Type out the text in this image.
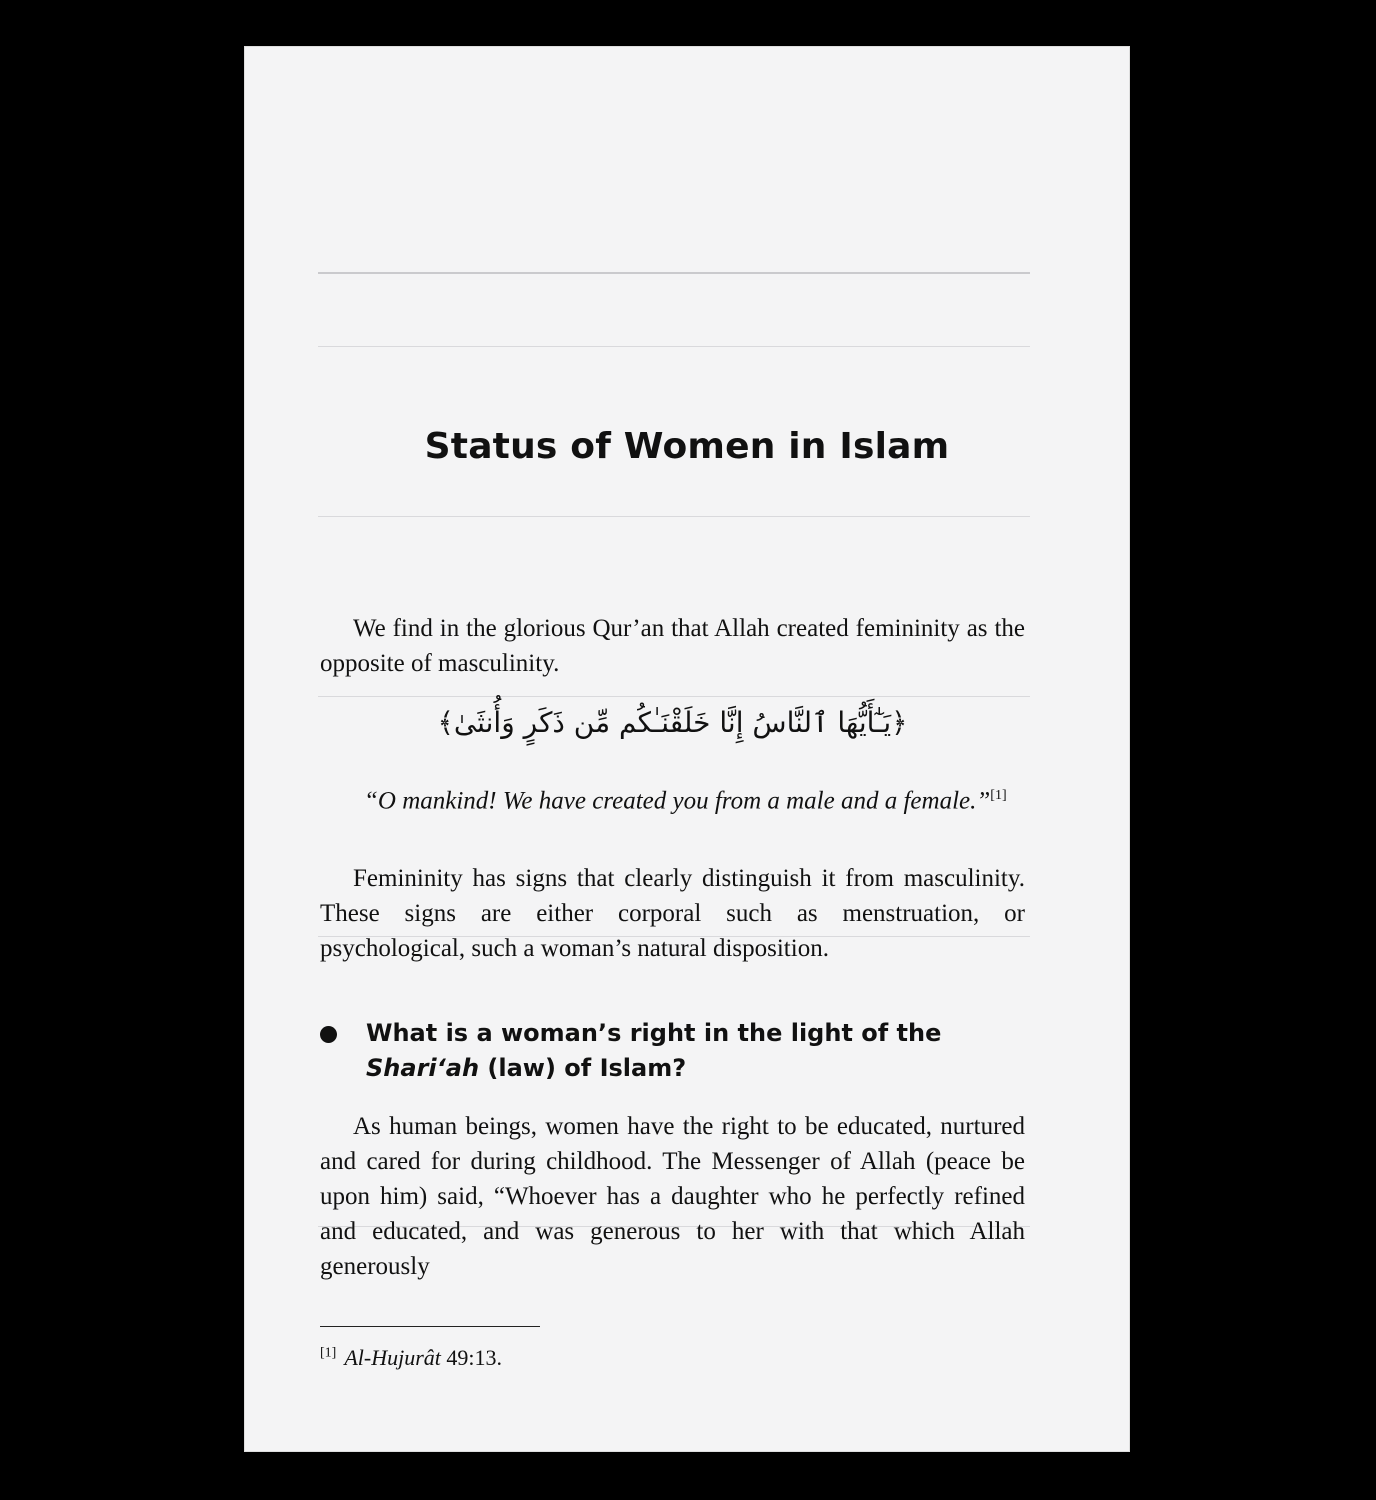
Status of Women in Islam

We find in the glorious Qur’an that Allah created femininity as the opposite of masculinity.

﴿يَـٰٓأَيُّهَا ٱلنَّاسُ إِنَّا خَلَقْنَـٰكُم مِّن ذَكَرٍ وَأُنثَىٰ﴾

“O mankind! We have created you from a male and a female.”[1]

Femininity has signs that clearly distinguish it from masculinity. These signs are either corporal such as menstruation, or psychological, such a woman’s natural disposition.

What is a woman’s right in the light of the Shari‘ah (law) of Islam?

As human beings, women have the right to be educated, nurtured and cared for during childhood. The Messenger of Allah (peace be upon him) said, “Whoever has a daughter who he perfectly refined and educated, and was generous to her with that which Allah generously

[1] Al-Hujurât 49:13.
